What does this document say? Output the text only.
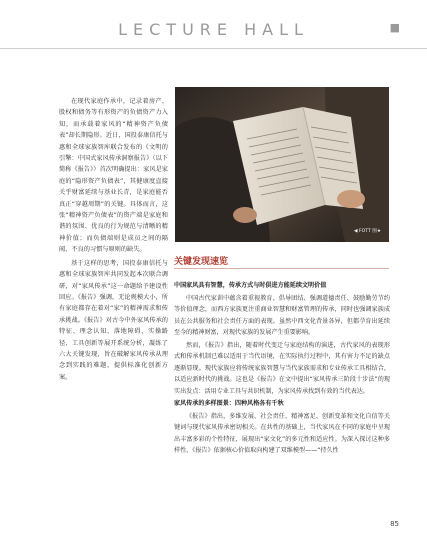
LECTURE HALL	■

在现代家庭作承中，记录着房产、股权和债务等有形资产的负债资产力入知，而承载着家风的“精神资产负债表”却长期隐形。近日，国投泰康信托与惠和全球家族智库联合发布的《文明的引擎：中国式家风传承洞察报告》（以下简称《报告》）首次明确提出：家风是家庭的“隐形资产负债表”，其健康度直接关乎财富延续与基业长青，是家庭能否真正“穿越周期”的关键。具体而言，这张“精神资产负债表”的资产端是家庭和谐的氛围、优良的行为规范与清晰的精神价值；而负债端则是成员之间的隔阂、不良的习惯与原则的缺失。

基于这样的思考，国投泰康信托与惠和全球家族智库共同发起本次联合调研，对“家风传承”这一命题给予建设性回应。《报告》强调，无论规模大小，所有家庭都存在着对“家”的精神需求和传承挑战。《报告》对古今中外家风传承的特征、理念认知、落地障碍、实操路径、工具创新等展开系统分析，凝练了六大关键发现，旨在破解家风传承从理念到实践的难题，提供标准化创新方案。

◀ FOTT 图★
关键发现速览
中国家风具有智慧，传承方式与时俱进方能延续文明价值

中国古代家训中蕴含着重视教育、倡导团结、强调道德责任、鼓励勤劳节约等价值理念，而西方家族更注重商业智慧和财富管理的传承，同时也强调家族成员在公共服务和社会责任方面的表现。虽然中西文化背景各异，但都孕育出延续至今的精神财富，对现代家族的发展产生重要影响。

然而，《报告》指出，随着时代变迁与家庭结构的演进，古代家风的表现形式和传承机制已难以适用于当代语境，在实际执行过程中，其有害力不足的缺点逐渐显现。现代家族应将传统家族智慧与当代家族需求和专业传承工具相结合，以适应新时代的挑战。这也是《报告》在文中提出“家风传承三阶段十步法”的现实出发点：活用专业工具与共识机制，为家风传承找到有效的当代表达。

家风传承的多样图景：四种风格各有千秋

《报告》指出，多维发展、社会责任、精神富足、创新变革和文化自信等关键词与现代家风传承密切相关。在共性的基础上，当代家风在不同的家庭中呈现出丰富多彩的个性特征，展现出“家文化”的多元性和适应性。为深入探讨这种多样性，《报告》依据核心价值取向构建了双维模型——“持久性

85
